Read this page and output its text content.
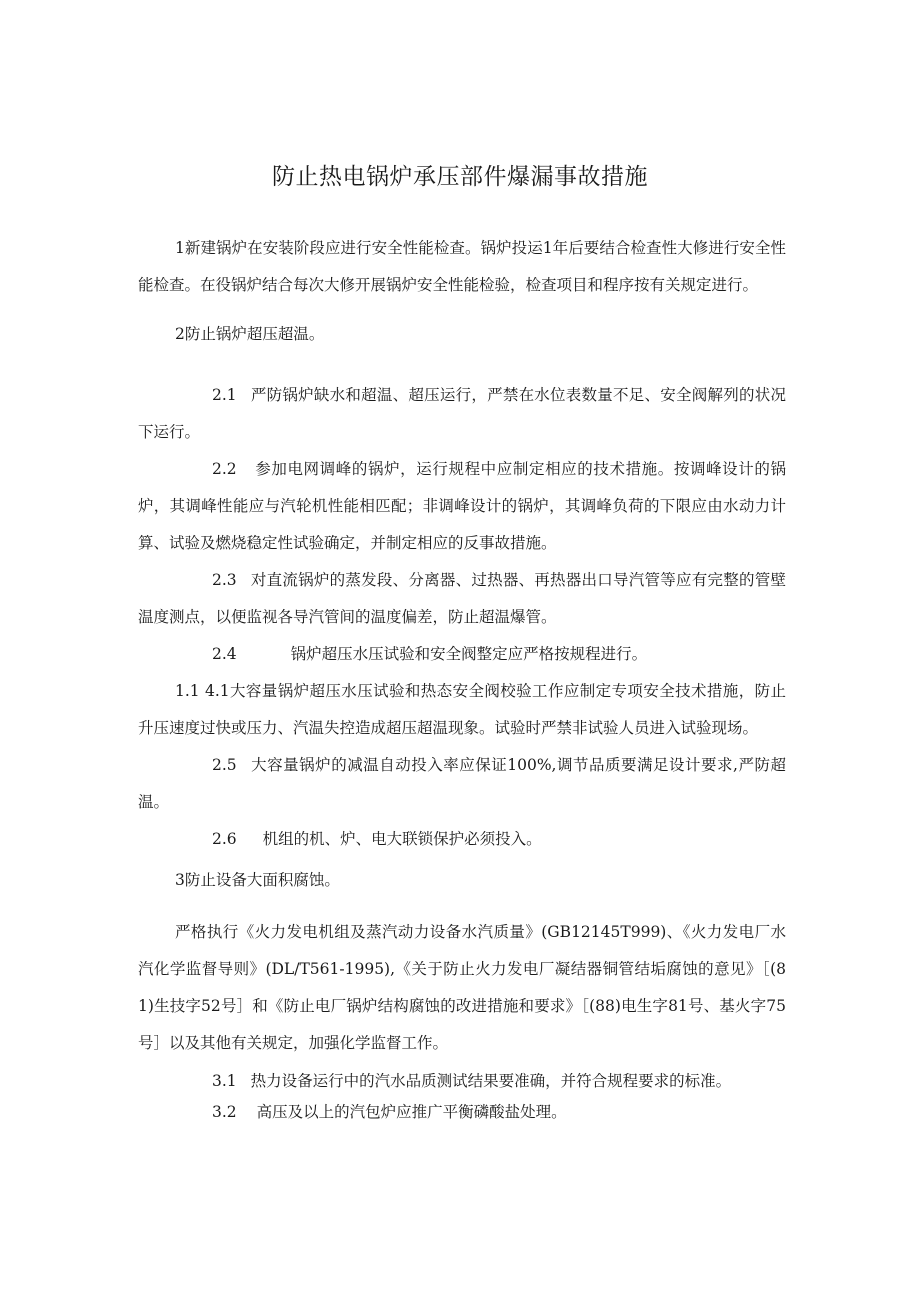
防止热电锅炉承压部件爆漏事故措施

1新建锅炉在安装阶段应进行安全性能检查。锅炉投运1年后要结合检查性大修进行安全性能检查。在役锅炉结合每次大修开展锅炉安全性能检验，检查项目和程序按有关规定进行。

2防止锅炉超压超温。

2.1 严防锅炉缺水和超温、超压运行，严禁在水位表数量不足、安全阀解列的状况下运行。

2.2 参加电网调峰的锅炉，运行规程中应制定相应的技术措施。按调峰设计的锅炉，其调峰性能应与汽轮机性能相匹配；非调峰设计的锅炉，其调峰负荷的下限应由水动力计算、试验及燃烧稳定性试验确定，并制定相应的反事故措施。

2.3 对直流锅炉的蒸发段、分离器、过热器、再热器出口导汽管等应有完整的管壁温度测点，以便监视各导汽管间的温度偏差，防止超温爆管。

2.4	锅炉超压水压试验和安全阀整定应严格按规程进行。

1.1 4.1大容量锅炉超压水压试验和热态安全阀校验工作应制定专项安全技术措施，防止升压速度过快或压力、汽温失控造成超压超温现象。试验时严禁非试验人员进入试验现场。

2.5 大容量锅炉的减温自动投入率应保证100%,调节品质要满足设计要求,严防超温。

2.6 机组的机、炉、电大联锁保护必须投入。

3防止设备大面积腐蚀。

严格执行《火力发电机组及蒸汽动力设备水汽质量》(GB12145T999)、《火力发电厂水汽化学监督导则》(DL/T561-1995),《关于防止火力发电厂凝结器铜管结垢腐蚀的意见》［(81)生技字52号］和《防止电厂锅炉结构腐蚀的改进措施和要求》［(88)电生字81号、基火字75号］以及其他有关规定，加强化学监督工作。

3.1 热力设备运行中的汽水品质测试结果要准确，并符合规程要求的标准。

3.2 高压及以上的汽包炉应推广平衡磷酸盐处理。
